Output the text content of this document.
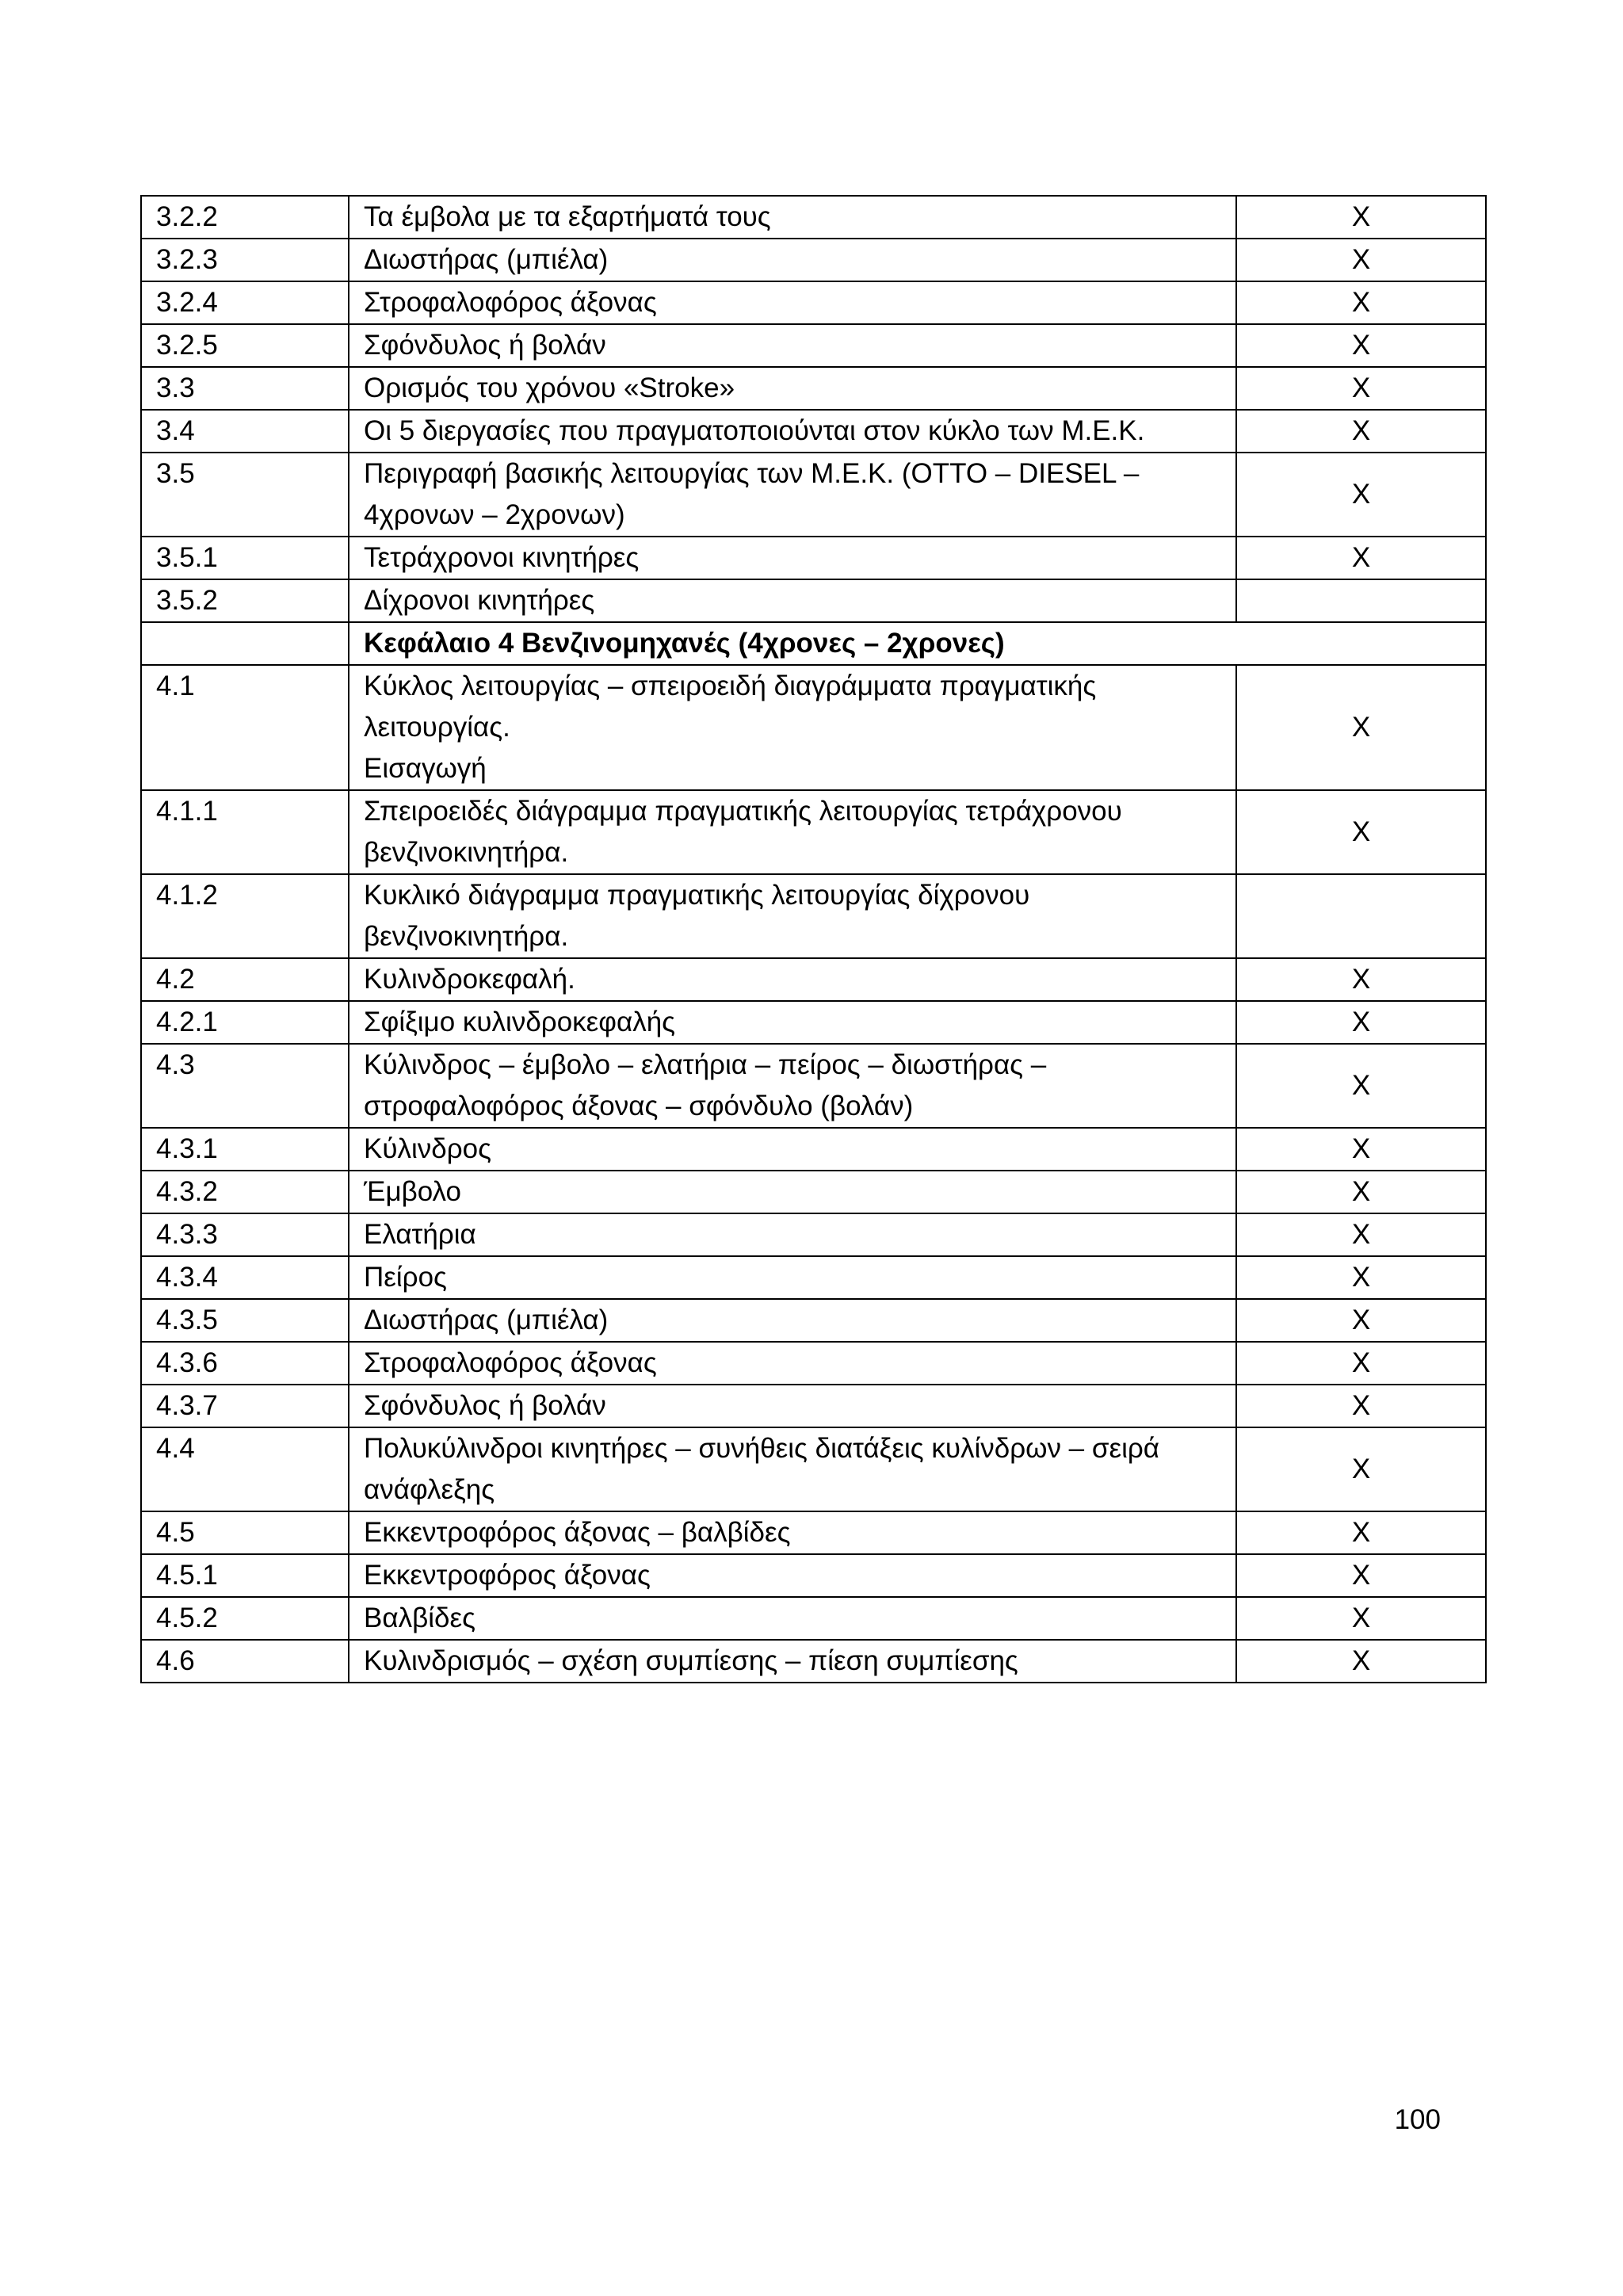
3.2.2	Τα έμβολα με τα εξαρτήματά τους	X
3.2.3	Διωστήρας (μπιέλα)	X
3.2.4	Στροφαλοφόρος άξονας	X
3.2.5	Σφόνδυλος ή βολάν	X
3.3	Ορισμός του χρόνου «Stroke»	X
3.4	Οι 5 διεργασίες που πραγματοποιούνται στον κύκλο των Μ.Ε.Κ.	X
3.5	Περιγραφή βασικής λειτουργίας των Μ.Ε.Κ. (OTTO – DIESEL –
4χρονων – 2χρονων)	X
3.5.1	Τετράχρονοι κινητήρες	X
3.5.2	Δίχρονοι κινητήρες	

	Κεφάλαιο 4 Βενζινομηχανές (4χρονες – 2χρονες)	

4.1	Κύκλος λειτουργίας – σπειροειδή διαγράμματα πραγματικής
λειτουργίας.
Εισαγωγή	X
4.1.1	Σπειροειδές διάγραμμα πραγματικής λειτουργίας τετράχρονου
βενζινοκινητήρα.	X
4.1.2	Κυκλικό διάγραμμα πραγματικής λειτουργίας δίχρονου
βενζινοκινητήρα.	

4.2	Κυλινδροκεφαλή.	X
4.2.1	Σφίξιμο κυλινδροκεφαλής	X
4.3	Κύλινδρος – έμβολο – ελατήρια – πείρος – διωστήρας –
στροφαλοφόρος άξονας – σφόνδυλο (βολάν)	X
4.3.1	Κύλινδρος	X
4.3.2	Έμβολο	X
4.3.3	Ελατήρια	X
4.3.4	Πείρος	X
4.3.5	Διωστήρας (μπιέλα)	X
4.3.6	Στροφαλοφόρος άξονας	X
4.3.7	Σφόνδυλος ή βολάν	X
4.4	Πολυκύλινδροι κινητήρες – συνήθεις διατάξεις κυλίνδρων – σειρά
ανάφλεξης	X
4.5	Εκκεντροφόρος άξονας – βαλβίδες	X
4.5.1	Εκκεντροφόρος άξονας	X
4.5.2	Βαλβίδες	X
4.6	Κυλινδρισμός – σχέση συμπίεσης – πίεση συμπίεσης	X
100
